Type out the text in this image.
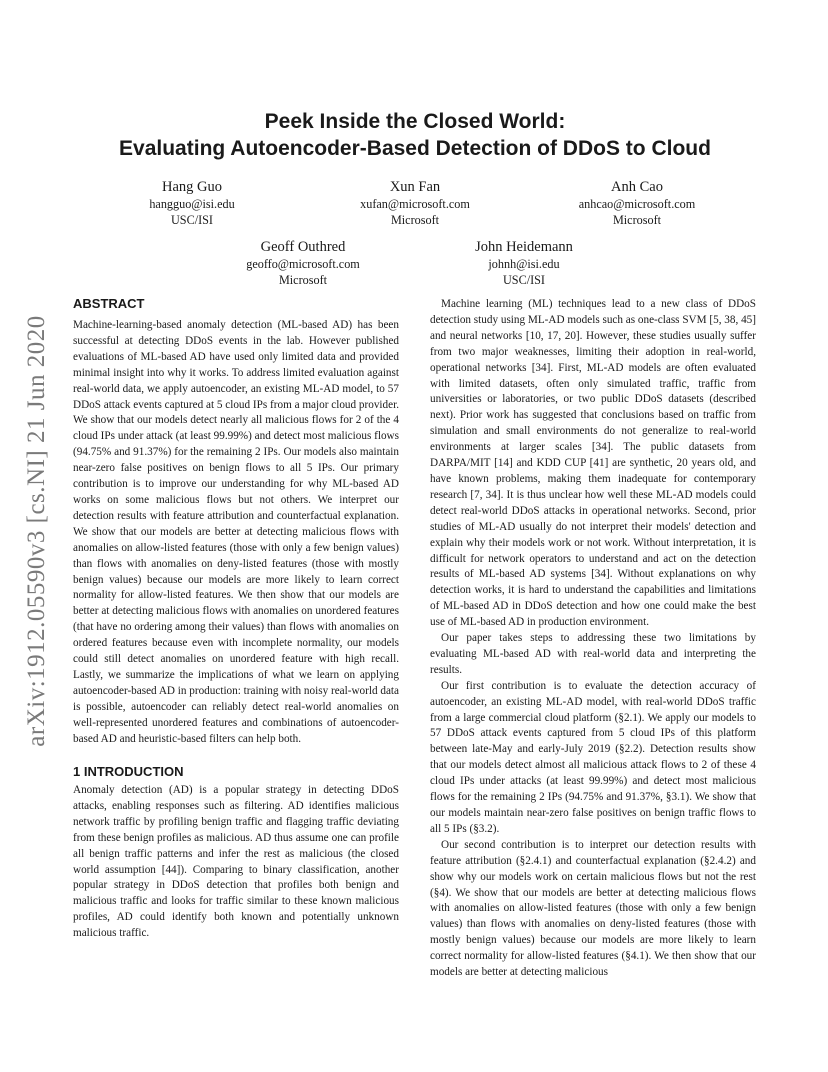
arXiv:1912.05590v3 [cs.NI] 21 Jun 2020
Peek Inside the Closed World:
Evaluating Autoencoder-Based Detection of DDoS to Cloud
Hang Guo
hangguo@isi.edu
USC/ISI
Xun Fan
xufan@microsoft.com
Microsoft
Anh Cao
anhcao@microsoft.com
Microsoft
Geoff Outhred
geoffo@microsoft.com
Microsoft
John Heidemann
johnh@isi.edu
USC/ISI
ABSTRACT

Machine-learning-based anomaly detection (ML-based AD) has been successful at detecting DDoS events in the lab. However published evaluations of ML-based AD have used only limited data and provided minimal insight into why it works. To address limited evaluation against real-world data, we apply autoencoder, an existing ML-AD model, to 57 DDoS attack events captured at 5 cloud IPs from a major cloud provider. We show that our models detect nearly all malicious flows for 2 of the 4 cloud IPs under attack (at least 99.99%) and detect most malicious flows (94.75% and 91.37%) for the remaining 2 IPs. Our models also maintain near-zero false positives on benign flows to all 5 IPs. Our primary contribution is to improve our understanding for why ML-based AD works on some malicious flows but not others. We interpret our detection results with feature attribution and counterfactual explanation. We show that our models are better at detecting malicious flows with anomalies on allow-listed features (those with only a few benign values) than flows with anomalies on deny-listed features (those with mostly benign values) because our models are more likely to learn correct normality for allow-listed features. We then show that our models are better at detecting malicious flows with anomalies on unordered features (that have no ordering among their values) than flows with anomalies on ordered features because even with incomplete normality, our models could still detect anomalies on unordered feature with high recall. Lastly, we summarize the implications of what we learn on applying autoencoder-based AD in production: training with noisy real-world data is possible, autoencoder can reliably detect real-world anomalies on well-represented unordered features and combinations of autoencoder-based AD and heuristic-based filters can help both.

1 INTRODUCTION

Anomaly detection (AD) is a popular strategy in detecting DDoS attacks, enabling responses such as filtering. AD identifies malicious network traffic by profiling benign traffic and flagging traffic deviating from these benign profiles as malicious. AD thus assume one can profile all benign traffic patterns and infer the rest as malicious (the closed world assumption [44]). Comparing to binary classification, another popular strategy in DDoS detection that profiles both benign and malicious traffic and looks for traffic similar to these known malicious profiles, AD could identify both known and potentially unknown malicious traffic.

Machine learning (ML) techniques lead to a new class of DDoS detection study using ML-AD models such as one-class SVM [5, 38, 45] and neural networks [10, 17, 20]. However, these studies usually suffer from two major weaknesses, limiting their adoption in real-world, operational networks [34]. First, ML-AD models are often evaluated with limited datasets, often only simulated traffic, traffic from universities or laboratories, or two public DDoS datasets (described next). Prior work has suggested that conclusions based on traffic from simulation and small environments do not generalize to real-world environments at larger scales [34]. The public datasets from DARPA/MIT [14] and KDD CUP [41] are synthetic, 20 years old, and have known problems, making them inadequate for contemporary research [7, 34]. It is thus unclear how well these ML-AD models could detect real-world DDoS attacks in operational networks. Second, prior studies of ML-AD usually do not interpret their models' detection and explain why their models work or not work. Without interpretation, it is difficult for network operators to understand and act on the detection results of ML-based AD systems [34]. Without explanations on why detection works, it is hard to understand the capabilities and limitations of ML-based AD in DDoS detection and how one could make the best use of ML-based AD in production environment.

Our paper takes steps to addressing these two limitations by evaluating ML-based AD with real-world data and interpreting the results.

Our first contribution is to evaluate the detection accuracy of autoencoder, an existing ML-AD model, with real-world DDoS traffic from a large commercial cloud platform (§2.1). We apply our models to 57 DDoS attack events captured from 5 cloud IPs of this platform between late-May and early-July 2019 (§2.2). Detection results show that our models detect almost all malicious attack flows to 2 of these 4 cloud IPs under attacks (at least 99.99%) and detect most malicious flows for the remaining 2 IPs (94.75% and 91.37%, §3.1). We show that our models maintain near-zero false positives on benign traffic flows to all 5 IPs (§3.2).

Our second contribution is to interpret our detection results with feature attribution (§2.4.1) and counterfactual explanation (§2.4.2) and show why our models work on certain malicious flows but not the rest (§4). We show that our models are better at detecting malicious flows with anomalies on allow-listed features (those with only a few benign values) than flows with anomalies on deny-listed features (those with mostly benign values) because our models are more likely to learn correct normality for allow-listed features (§4.1). We then show that our models are better at detecting malicious
